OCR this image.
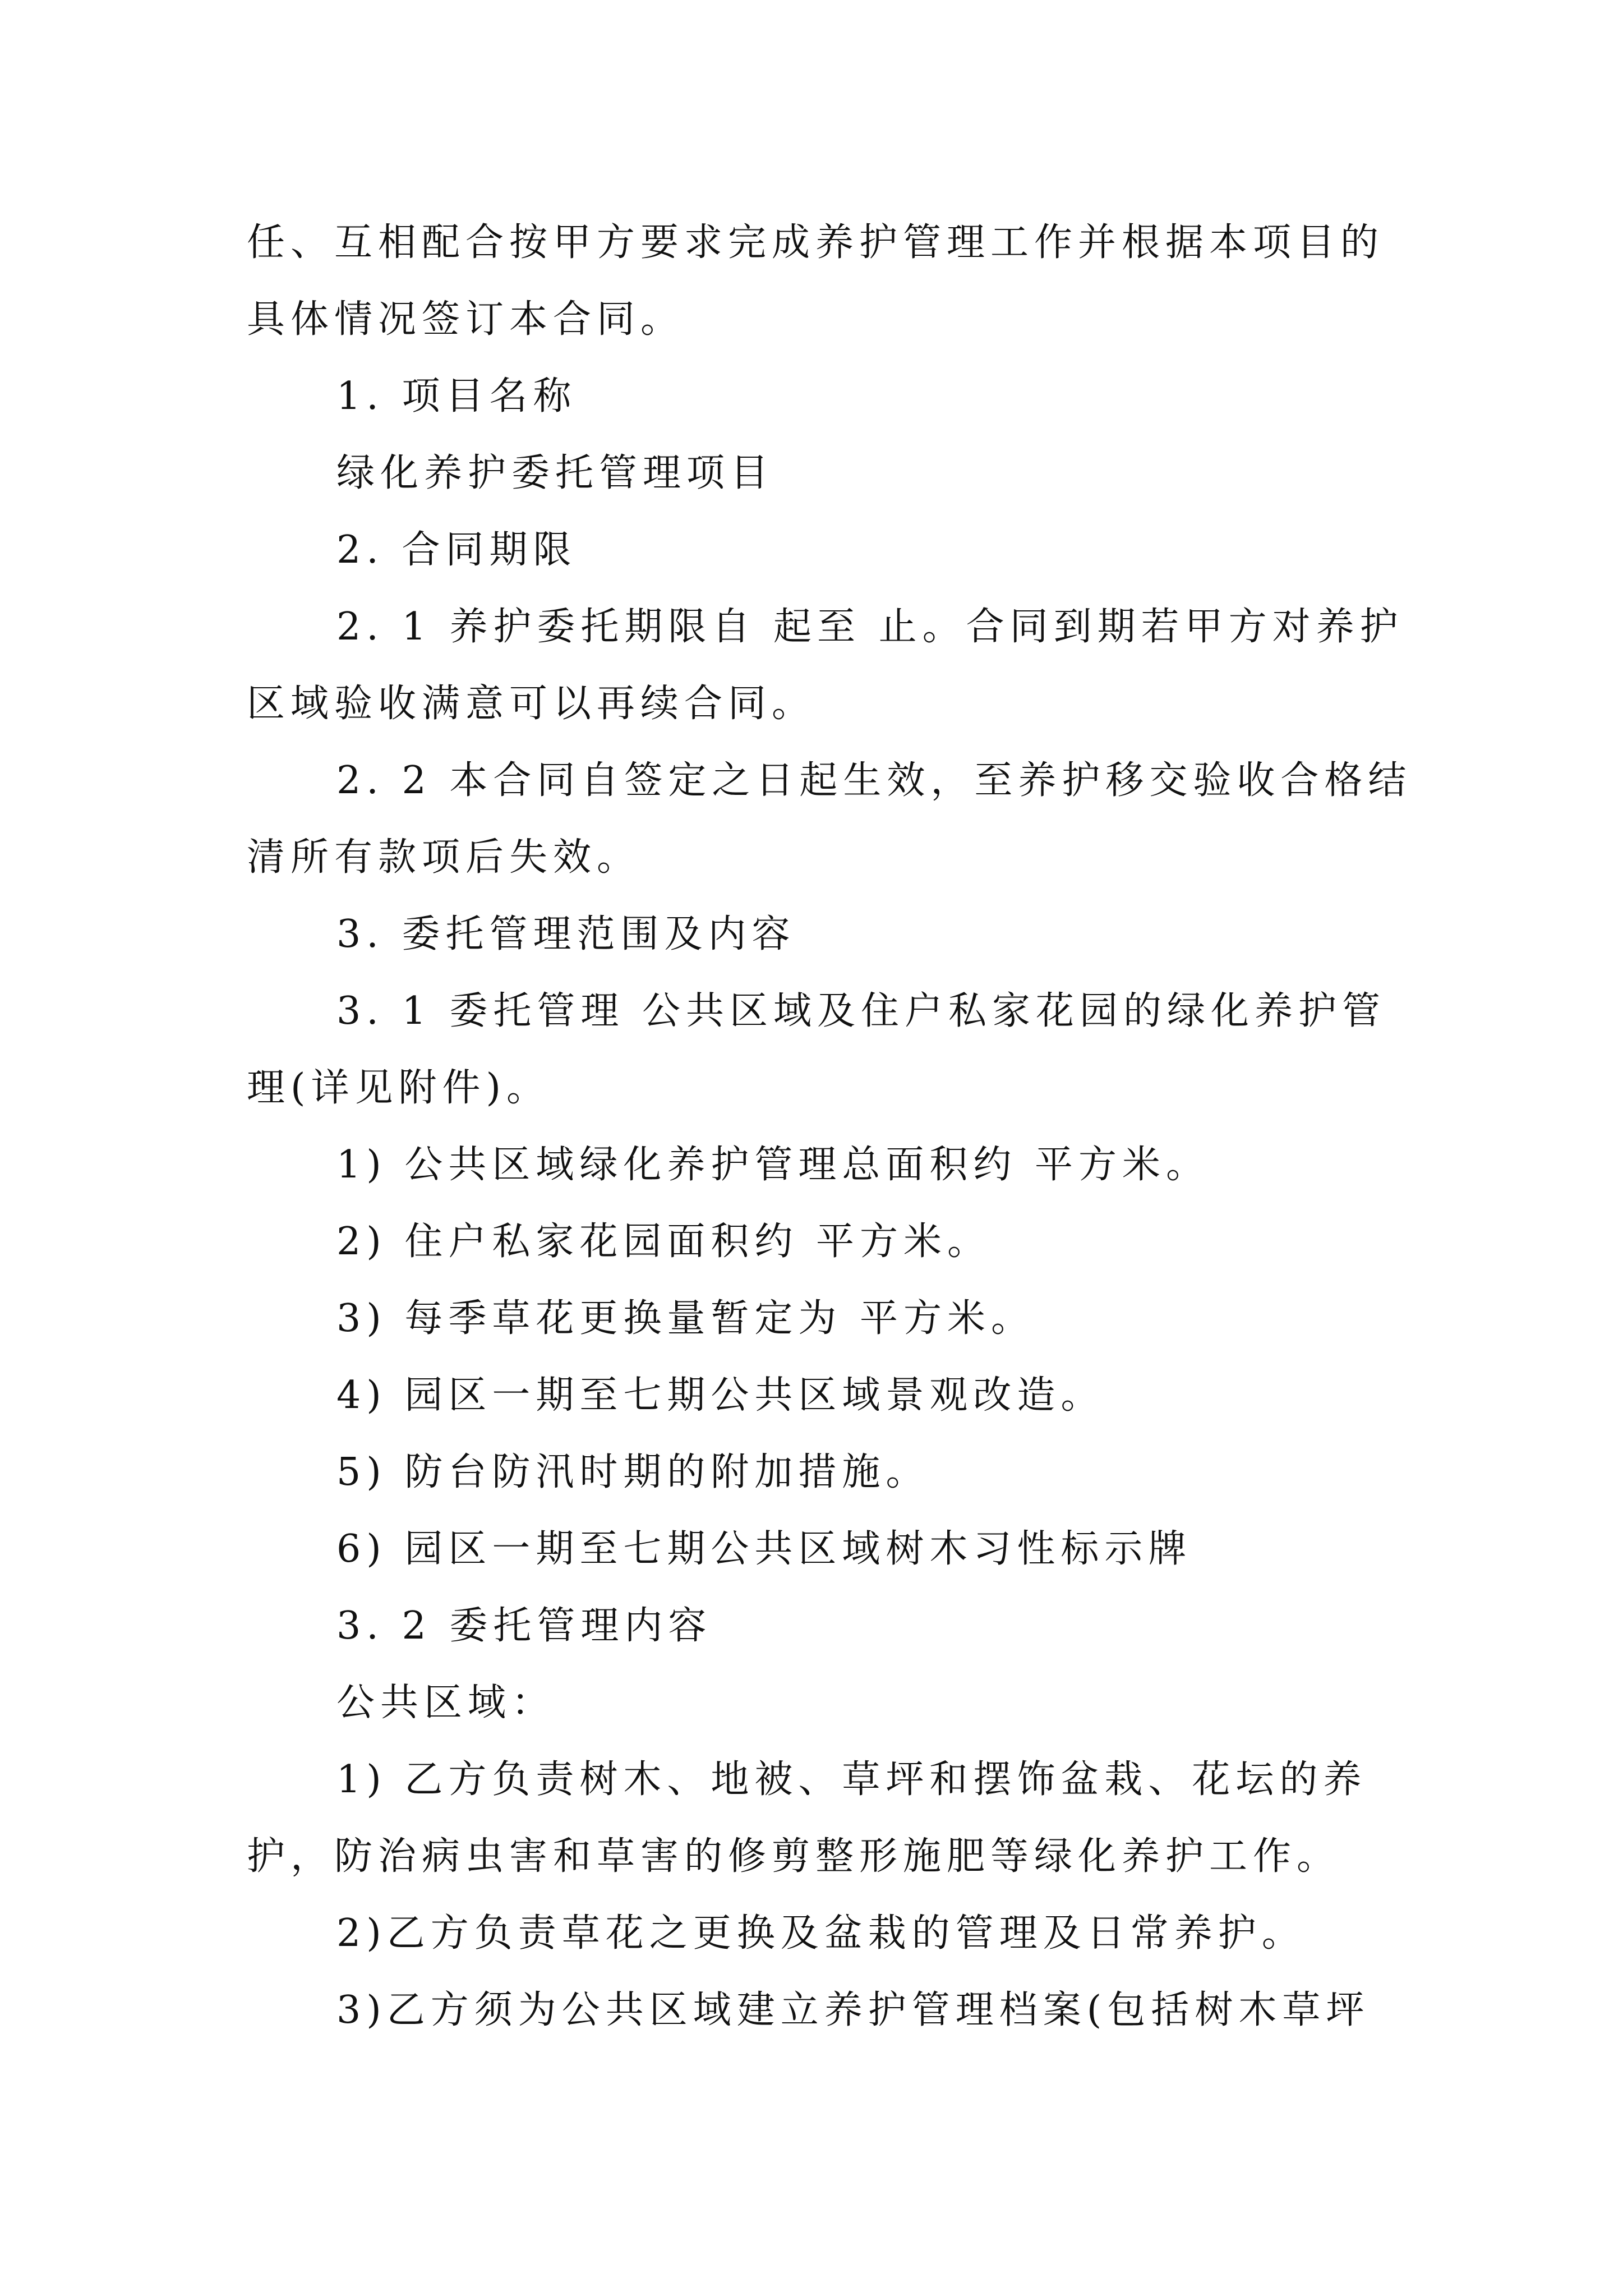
任、互相配合按甲方要求完成养护管理工作并根据本项目的
具体情况签订本合同。
1. 项目名称
绿化养护委托管理项目
2. 合同期限
2. 1 养护委托期限自 起至 止。合同到期若甲方对养护
区域验收满意可以再续合同。
2. 2 本合同自签定之日起生效，至养护移交验收合格结
清所有款项后失效。
3. 委托管理范围及内容
3. 1 委托管理 公共区域及住户私家花园的绿化养护管
理(详见附件)。
1) 公共区域绿化养护管理总面积约 平方米。
2) 住户私家花园面积约 平方米。
3) 每季草花更换量暂定为 平方米。
4) 园区一期至七期公共区域景观改造。
5) 防台防汛时期的附加措施。
6) 园区一期至七期公共区域树木习性标示牌
3. 2 委托管理内容
公共区域：
1) 乙方负责树木、地被、草坪和摆饰盆栽、花坛的养
护，防治病虫害和草害的修剪整形施肥等绿化养护工作。
2)乙方负责草花之更换及盆栽的管理及日常养护。
3)乙方须为公共区域建立养护管理档案(包括树木草坪
